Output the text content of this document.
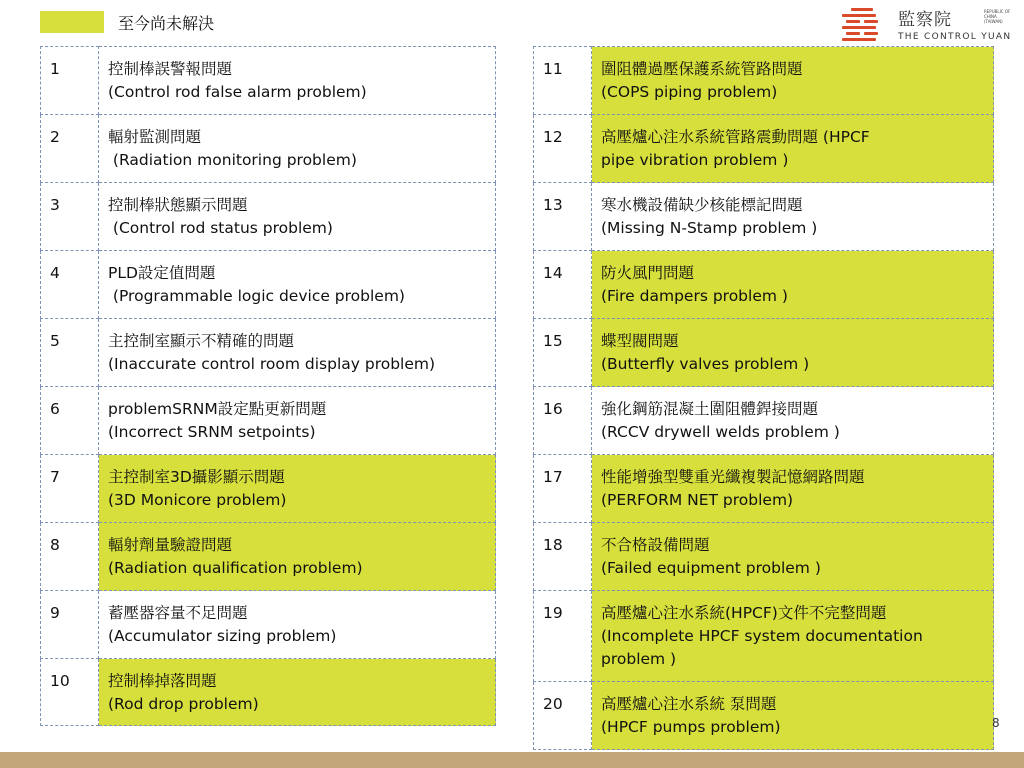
至今尚未解決	監察院	REPUBLIC OF
CHINA
(TAIWAN)
THE CONTROL YUAN
1	控制棒誤警報問題
(Control rod false alarm problem)

2	輻射監測問題
(Radiation monitoring problem)

3	控制棒狀態顯示問題
(Control rod status problem)

4	PLD設定值問題
(Programmable logic device problem)

5	主控制室顯示不精確的問題
(Inaccurate control room display problem)

6	problemSRNM設定點更新問題
(Incorrect SRNM setpoints)

7	主控制室3D攝影顯示問題
(3D Monicore problem)

8	輻射劑量驗證問題
(Radiation qualification problem)

9	蓄壓器容量不足問題
(Accumulator sizing problem)

10	控制棒掉落問題
(Rod drop problem)
11	圍阻體過壓保護系統管路問題
(COPS piping problem)

12	高壓爐心注水系統管路震動問題 (HPCF
pipe vibration problem )

13	寒水機設備缺少核能標記問題
(Missing N-Stamp problem )

14	防火風門問題
(Fire dampers problem )

15	蝶型閥問題
(Butterfly valves problem )

16	強化鋼筋混凝土圍阻體銲接問題
(RCCV drywell welds problem )

17	性能增強型雙重光纖複製記憶網路問題
(PERFORM NET problem)

18	不合格設備問題
(Failed equipment problem )

19	高壓爐心注水系統(HPCF)文件不完整問題
(Incomplete HPCF system documentation
problem )

20	高壓爐心注水系統 泵問題
(HPCF pumps problem)	8
